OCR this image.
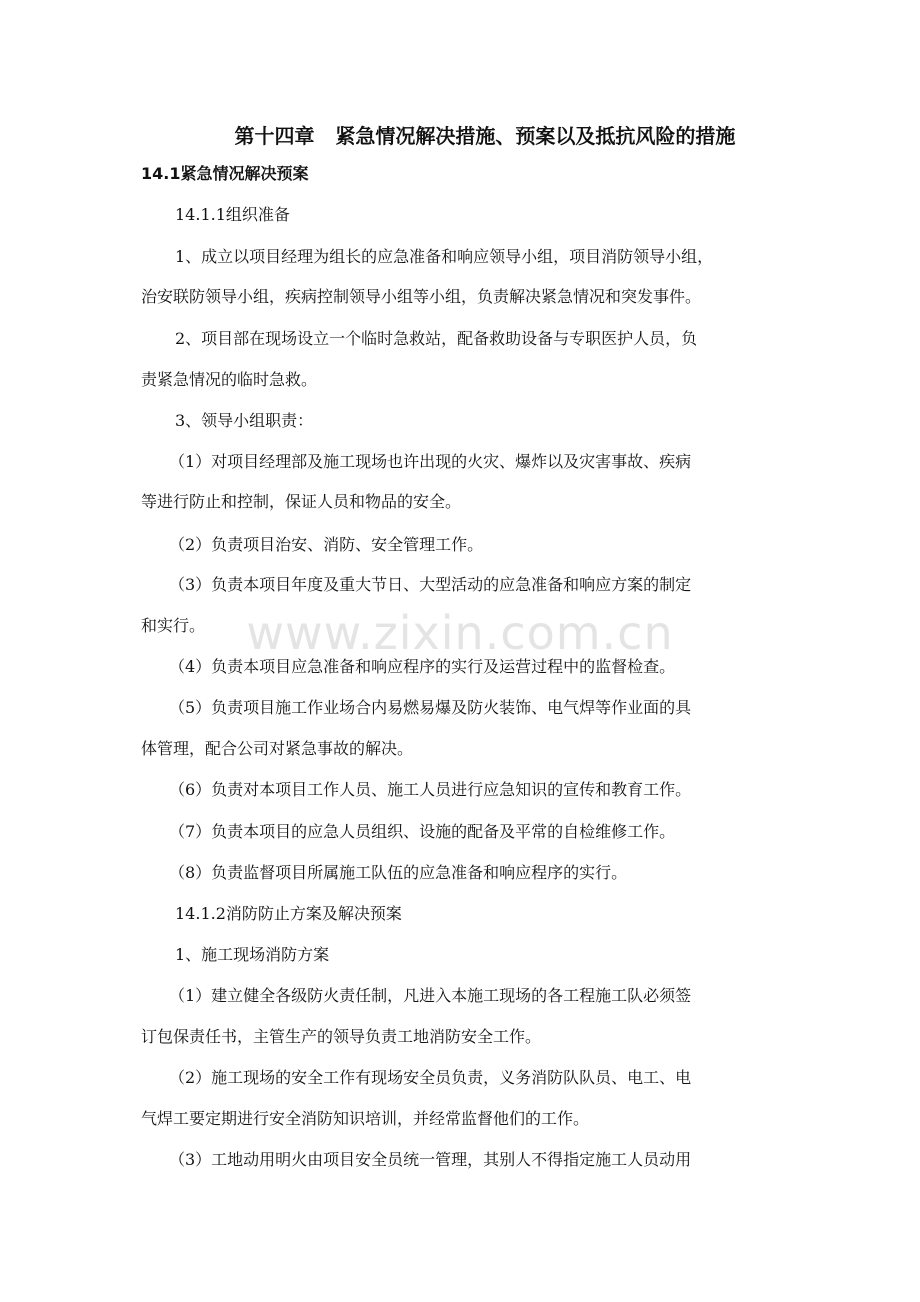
www.zixin.com.cn
第十四章   紧急情况解决措施、预案以及抵抗风险的措施
14.1紧急情况解决预案
14.1.1组织准备
1、成立以项目经理为组长的应急准备和响应领导小组，项目消防领导小组，
治安联防领导小组，疾病控制领导小组等小组，负责解决紧急情况和突发事件。
2、项目部在现场设立一个临时急救站，配备救助设备与专职医护人员，负
责紧急情况的临时急救。
3、领导小组职责：
（1）对项目经理部及施工现场也许出现的火灾、爆炸以及灾害事故、疾病
等进行防止和控制，保证人员和物品的安全。
（2）负责项目治安、消防、安全管理工作。
（3）负责本项目年度及重大节日、大型活动的应急准备和响应方案的制定
和实行。
（4）负责本项目应急准备和响应程序的实行及运营过程中的监督检查。
（5）负责项目施工作业场合内易燃易爆及防火装饰、电气焊等作业面的具
体管理，配合公司对紧急事故的解决。
（6）负责对本项目工作人员、施工人员进行应急知识的宣传和教育工作。
（7）负责本项目的应急人员组织、设施的配备及平常的自检维修工作。
（8）负责监督项目所属施工队伍的应急准备和响应程序的实行。
14.1.2消防防止方案及解决预案
1、施工现场消防方案
（1）建立健全各级防火责任制，凡进入本施工现场的各工程施工队必须签
订包保责任书，主管生产的领导负责工地消防安全工作。
（2）施工现场的安全工作有现场安全员负责，义务消防队队员、电工、电
气焊工要定期进行安全消防知识培训，并经常监督他们的工作。
（3）工地动用明火由项目安全员统一管理，其别人不得指定施工人员动用
